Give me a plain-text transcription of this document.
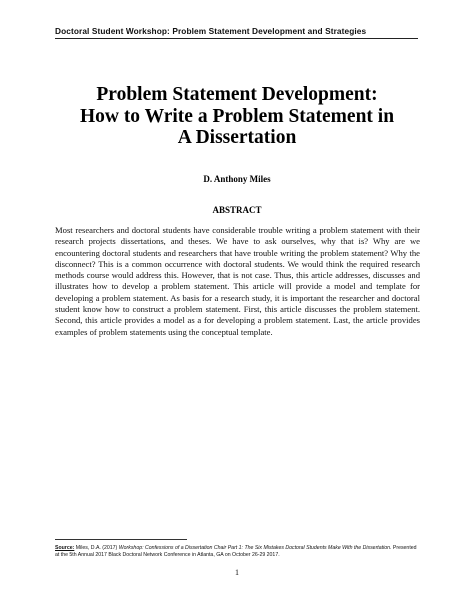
Doctoral Student Workshop: Problem Statement Development and Strategies
Problem Statement Development:
How to Write a Problem Statement in
A Dissertation
D. Anthony Miles
ABSTRACT

Most researchers and doctoral students have considerable trouble writing a problem statement with their research projects dissertations, and theses. We have to ask ourselves, why that is? Why are we encountering doctoral students and researchers that have trouble writing the problem statement? Why the disconnect? This is a common occurrence with doctoral students. We would think the required research methods course would address this. However, that is not case. Thus, this article addresses, discusses and illustrates how to develop a problem statement. This article will provide a model and template for developing a problem statement. As basis for a research study, it is important the researcher and doctoral student know how to construct a problem statement. First, this article discusses the problem statement. Second, this article provides a model as a for developing a problem statement. Last, the article provides examples of problem statements using the conceptual template.

Source: Miles, D.A. (2017) Workshop: Confessions of a Dissertation Chair Part 1: The Six Mistakes Doctoral Students Make With the Dissertation. Presented at the 5th Annual 2017 Black Doctoral Network Conference in Atlanta, GA on October 26-29 2017.

1
